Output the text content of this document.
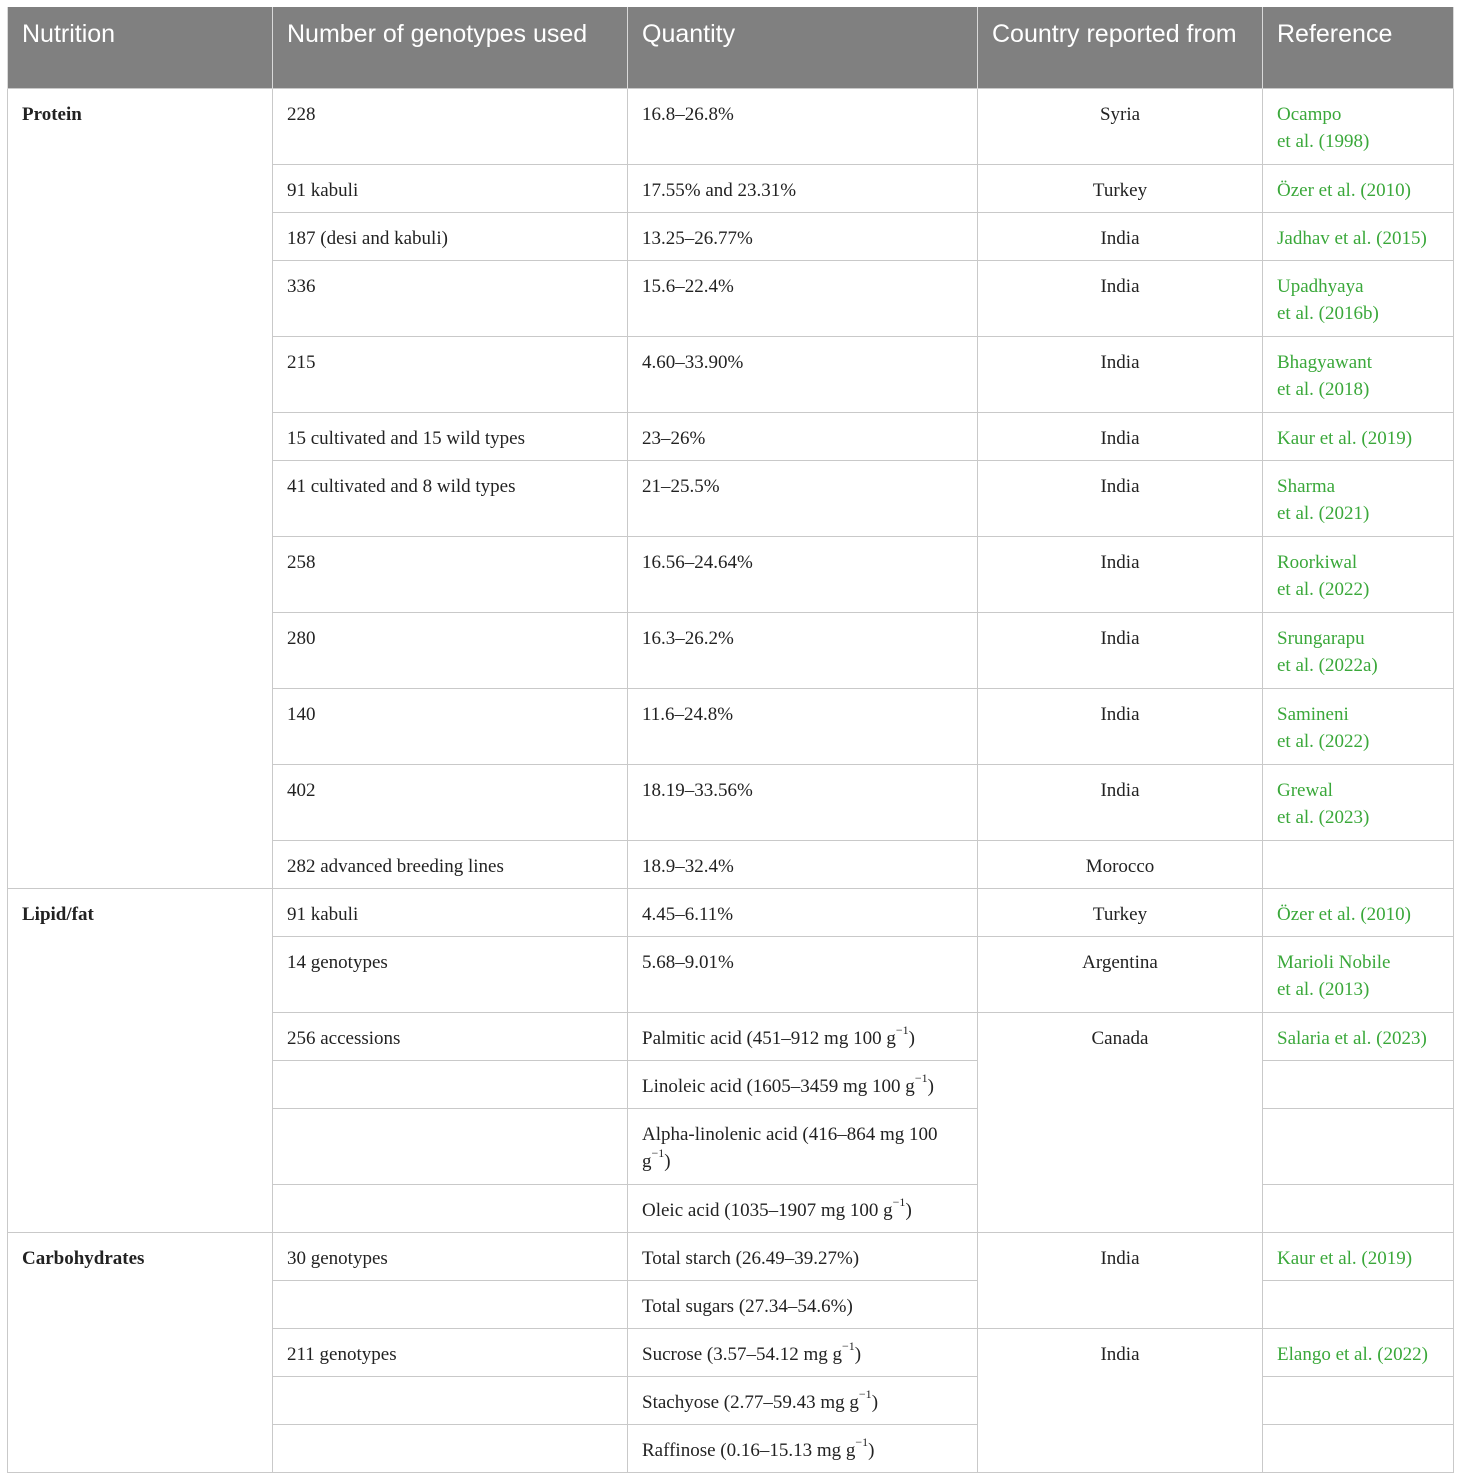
Nutrition	Number of genotypes used	Quantity	Country reported from	Reference
Protein	228	16.8–26.8%	Syria	Ocampo
et al. (1998)
	91 kabuli	17.55% and 23.31%	Turkey	Özer et al. (2010)
	187 (desi and kabuli)	13.25–26.77%	India	Jadhav et al. (2015)
	336	15.6–22.4%	India	Upadhyaya
et al. (2016b)
	215	4.60–33.90%	India	Bhagyawant
et al. (2018)
	15 cultivated and 15 wild types	23–26%	India	Kaur et al. (2019)
	41 cultivated and 8 wild types	21–25.5%	India	Sharma
et al. (2021)
	258	16.56–24.64%	India	Roorkiwal
et al. (2022)
	280	16.3–26.2%	India	Srungarapu
et al. (2022a)
	140	11.6–24.8%	India	Samineni
et al. (2022)
	402	18.19–33.56%	India	Grewal
et al. (2023)
	282 advanced breeding lines	18.9–32.4%	Morocco	
Lipid/fat	91 kabuli	4.45–6.11%	Turkey	Özer et al. (2010)
	14 genotypes	5.68–9.01%	Argentina	Marioli Nobile
et al. (2013)
	256 accessions	Palmitic acid (451–912 mg 100 $g^{-1}$)	Canada	Salaria et al. (2023)
		Linoleic acid (1605–3459 mg 100 $g^{-1}$)		
		Alpha-linolenic acid (416–864 mg 100
$g^{-1}$)		
		Oleic acid (1035–1907 mg 100 $g^{-1}$)		
Carbohydrates	30 genotypes	Total starch (26.49–39.27%)	India	Kaur et al. (2019)
		Total sugars (27.34–54.6%)		
	211 genotypes	Sucrose (3.57–54.12 mg $g^{-1}$)	India	Elango et al. (2022)
		Stachyose (2.77–59.43 mg $g^{-1}$)		
		Raffinose (0.16–15.13 mg $g^{-1}$)		
